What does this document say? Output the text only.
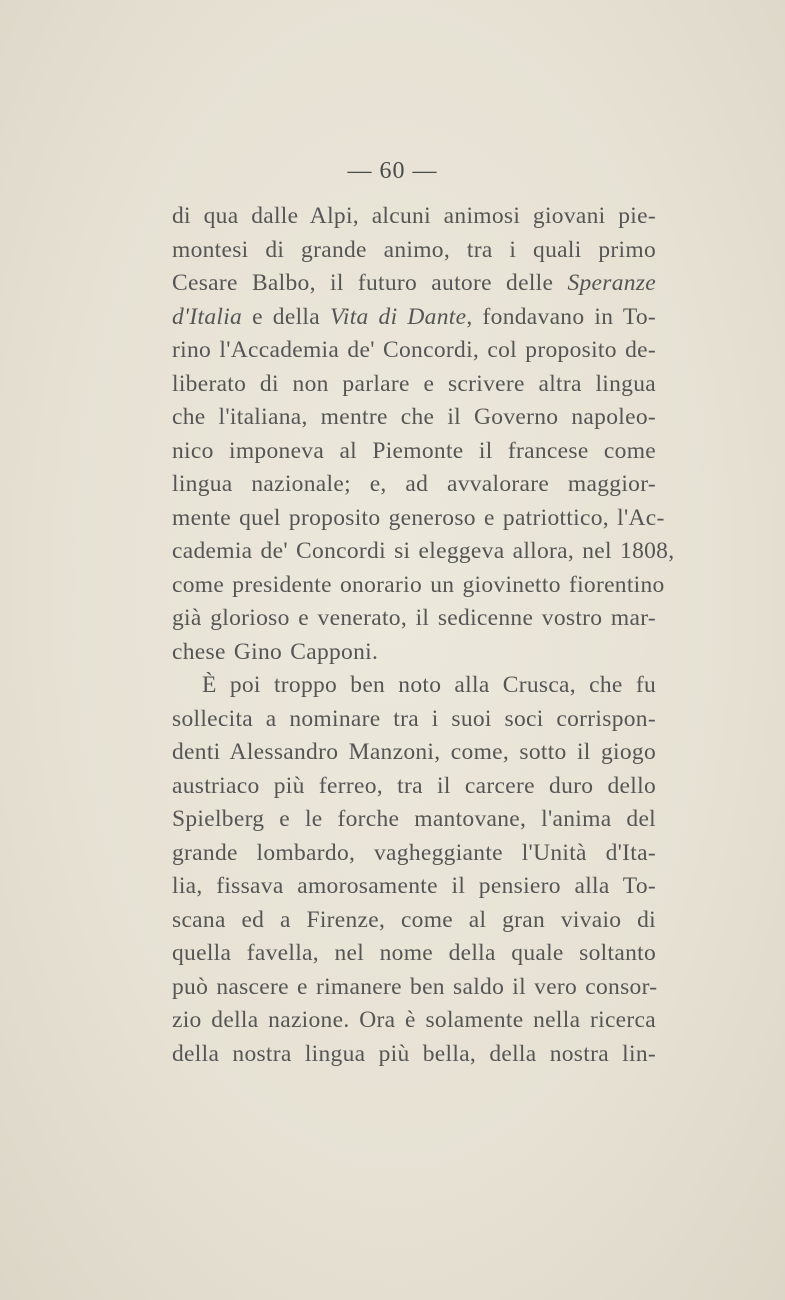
— 60 —
di qua dalle Alpi, alcuni animosi giovani pie-
montesi di grande animo, tra i quali primo
Cesare Balbo, il futuro autore delle Speranze
d'Italia e della Vita di Dante, fondavano in To-
rino l'Accademia de' Concordi, col proposito de-
liberato di non parlare e scrivere altra lingua
che l'italiana, mentre che il Governo napoleo-
nico imponeva al Piemonte il francese come
lingua nazionale; e, ad avvalorare maggior-
mente quel proposito generoso e patriottico, l'Ac-
cademia de' Concordi si eleggeva allora, nel 1808,
come presidente onorario un giovinetto fiorentino
già glorioso e venerato, il sedicenne vostro mar-
chese Gino Capponi.
È poi troppo ben noto alla Crusca, che fu
sollecita a nominare tra i suoi soci corrispon-
denti Alessandro Manzoni, come, sotto il giogo
austriaco più ferreo, tra il carcere duro dello
Spielberg e le forche mantovane, l'anima del
grande lombardo, vagheggiante l'Unità d'Ita-
lia, fissava amorosamente il pensiero alla To-
scana ed a Firenze, come al gran vivaio di
quella favella, nel nome della quale soltanto
può nascere e rimanere ben saldo il vero consor-
zio della nazione. Ora è solamente nella ricerca
della nostra lingua più bella, della nostra lin-
